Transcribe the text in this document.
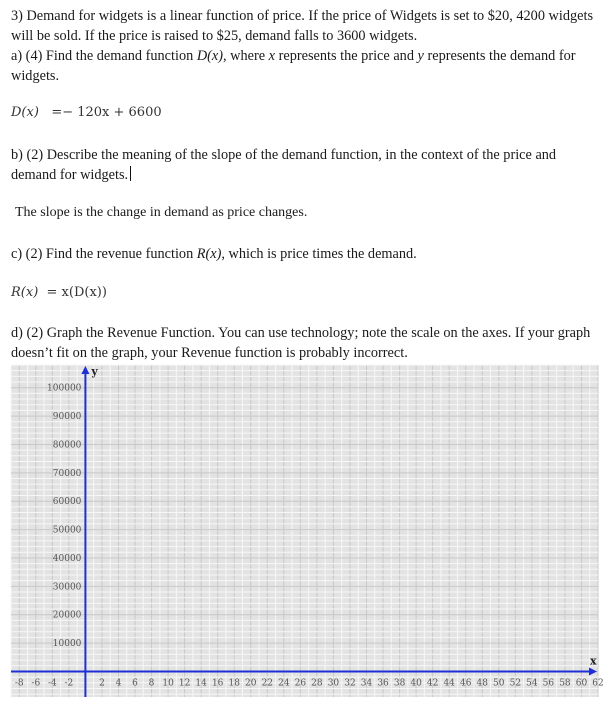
3) Demand for widgets is a linear function of price. If the price of Widgets is set to $20, 4200 widgets will be sold. If the price is raised to $25, demand falls to 3600 widgets.
a) (4) Find the demand function D(x), where x represents the price and y represents the demand for widgets.
D(x) =− 120x + 6600
b) (2) Describe the meaning of the slope of the demand function, in the context of the price and demand for widgets.
The slope is the change in demand as price changes.
c) (2) Find the revenue function R(x), which is price times the demand.
R(x) = x(D(x))
d) (2) Graph the Revenue Function. You can use technology; note the scale on the axes. If your graph doesn’t fit on the graph, your Revenue function is probably incorrect.
y
x
-8 -6 -4 -2	2 4 6 8 10 12 14 16 18 20 22 24 26 28 30 32 34 36 38 40 42 44 46 48 50 52 54 56 58 60 62
10000
20000
30000
40000
50000
60000
70000
80000
90000
100000
